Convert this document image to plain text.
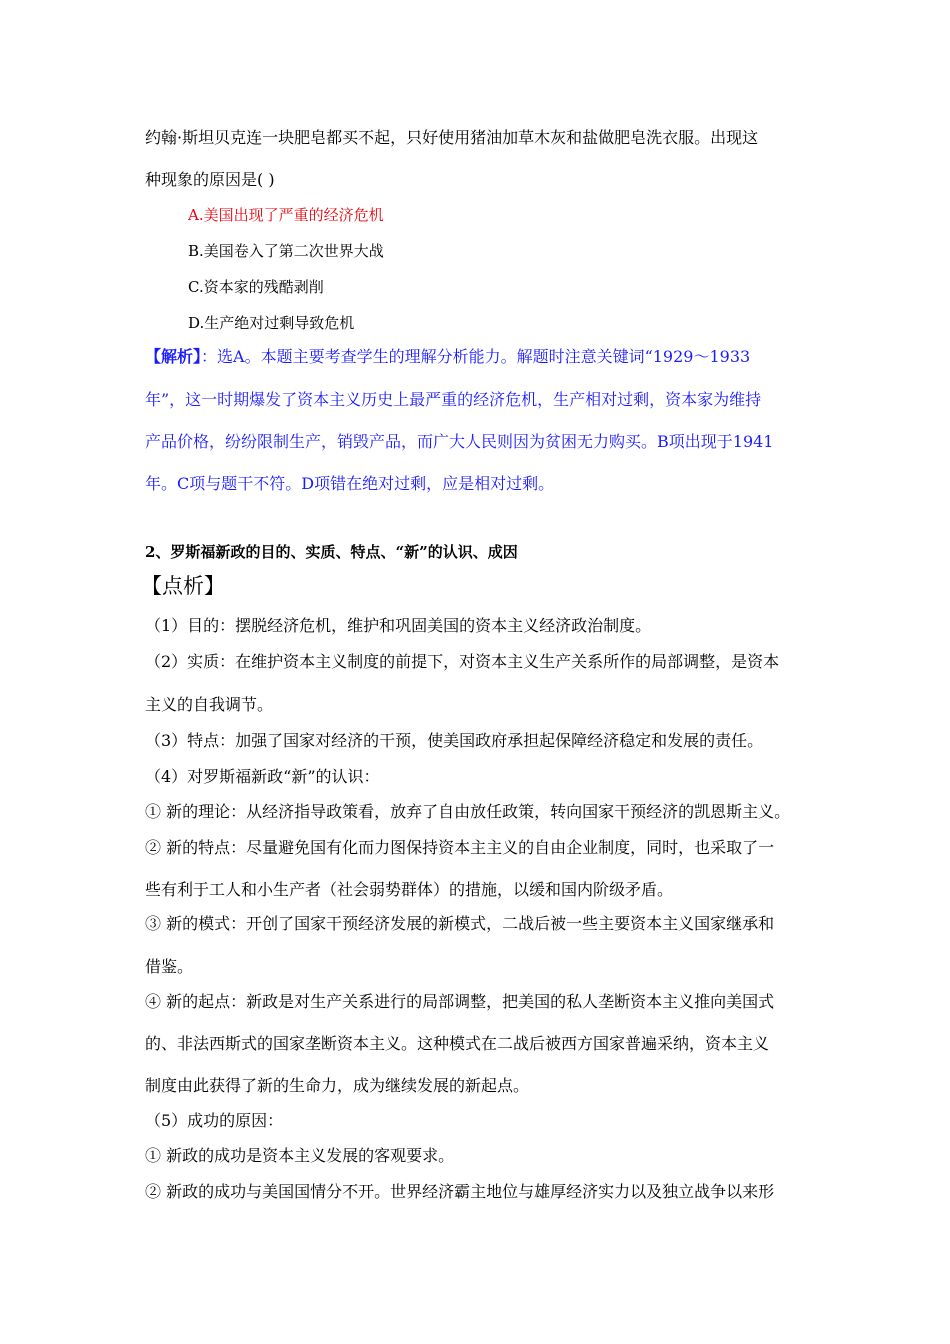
约翰·斯坦贝克连一块肥皂都买不起，只好使用猪油加草木灰和盐做肥皂洗衣服。出现这
种现象的原因是( )
A.美国出现了严重的经济危机
B.美国卷入了第二次世界大战
C.资本家的残酷剥削
D.生产绝对过剩导致危机
【解析】：选A。本题主要考查学生的理解分析能力。解题时注意关键词“1929～1933
年”，这一时期爆发了资本主义历史上最严重的经济危机，生产相对过剩，资本家为维持
产品价格，纷纷限制生产，销毁产品，而广大人民则因为贫困无力购买。B项出现于1941
年。C项与题干不符。D项错在绝对过剩，应是相对过剩。
2、罗斯福新政的目的、实质、特点、“新”的认识、成因
【点析】
（1）目的：摆脱经济危机，维护和巩固美国的资本主义经济政治制度。
（2）实质：在维护资本主义制度的前提下，对资本主义生产关系所作的局部调整，是资本
主义的自我调节。
（3）特点：加强了国家对经济的干预，使美国政府承担起保障经济稳定和发展的责任。
（4）对罗斯福新政“新”的认识：
① 新的理论：从经济指导政策看，放弃了自由放任政策，转向国家干预经济的凯恩斯主义。
② 新的特点：尽量避免国有化而力图保持资本主主义的自由企业制度，同时，也采取了一
些有利于工人和小生产者（社会弱势群体）的措施，以缓和国内阶级矛盾。
③ 新的模式：开创了国家干预经济发展的新模式，二战后被一些主要资本主义国家继承和
借鉴。
④ 新的起点：新政是对生产关系进行的局部调整，把美国的私人垄断资本主义推向美国式
的、非法西斯式的国家垄断资本主义。这种模式在二战后被西方国家普遍采纳，资本主义
制度由此获得了新的生命力，成为继续发展的新起点。
（5）成功的原因：
① 新政的成功是资本主义发展的客观要求。
② 新政的成功与美国国情分不开。世界经济霸主地位与雄厚经济实力以及独立战争以来形
